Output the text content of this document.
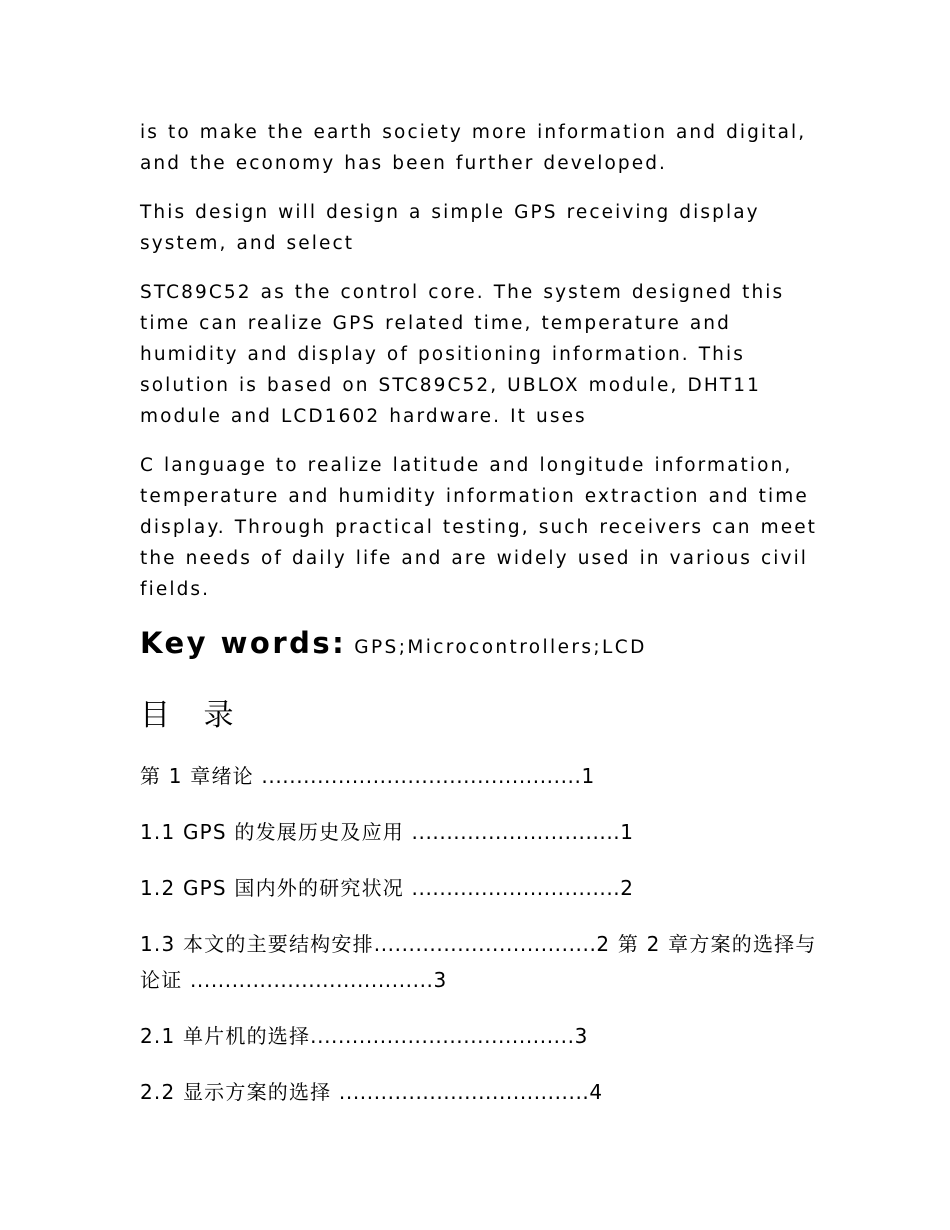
is to make the earth society more information and digital, and the economy has been further developed.

This design will design a simple GPS receiving display system, and select

STC89C52 as the control core. The system designed this time can realize GPS related time, temperature and humidity and display of positioning information. This solution is based on STC89C52, UBLOX module, DHT11 module and LCD1602 hardware. It uses

C language to realize latitude and longitude information, temperature and humidity information extraction and time display. Through practical testing, such receivers can meet the needs of daily life and are widely used in various civil fields.

Key words: GPS;Microcontrollers;LCD
目 录
第 1 章绪论 ..............................................1
1.1 GPS 的发展历史及应用 ..............................1
1.2 GPS 国内外的研究状况 ..............................2
1.3 本文的主要结构安排................................2 第 2 章方案的选择与论证 ...................................3
2.1 单片机的选择......................................3
2.2 显示方案的选择 ....................................4
